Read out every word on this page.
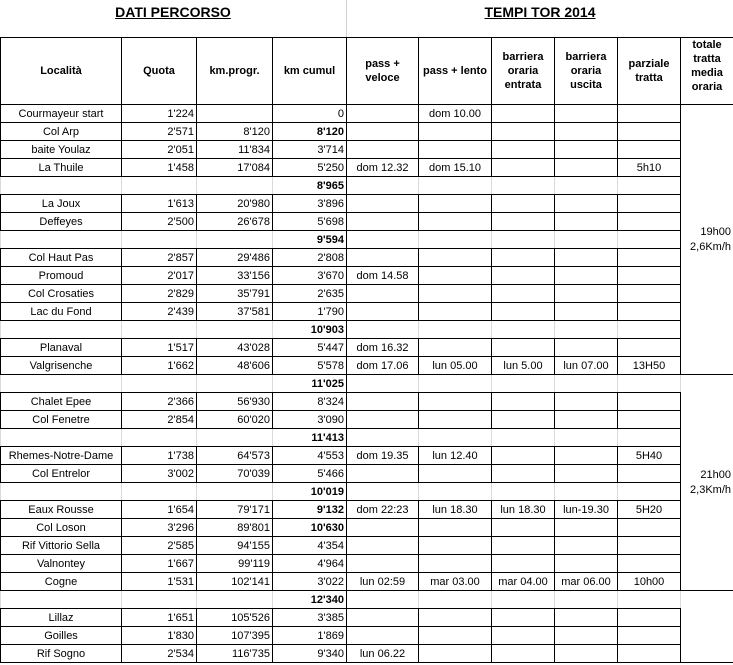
DATI PERCORSO	TEMPI TOR 2014
Località	Quota	km.progr.	km cumul	pass + veloce	pass + lento	barriera oraria entrata	barriera oraria uscita	parziale tratta	totale tratta media oraria
Courmayeur start	1'224		0		dom 10.00				19h00
2,6Km/h

Col Arp	2'571	8'120	8'120						
baite Youlaz	2'051	11'834	3'714						
La Thuile	1'458	17'084	5'250	dom 12.32	dom 15.10			5h10	
			8'965						
La Joux	1'613	20'980	3'896						
Deffeyes	2'500	26'678	5'698						
			9'594						
Col Haut Pas	2'857	29'486	2'808						
Promoud	2'017	33'156	3'670	dom 14.58					
Col Crosaties	2'829	35'791	2'635						
Lac du Fond	2'439	37'581	1'790						
			10'903						
Planaval	1'517	43'028	5'447	dom 16.32					
Valgrisenche	1'662	48'606	5'578	dom 17.06	lun 05.00	lun 5.00	lun 07.00	13H50	
			11'025						21h00
2,3Km/h

Chalet Epee	2'366	56'930	8'324						
Col Fenetre	2'854	60'020	3'090						
			11'413						
Rhemes-Notre-Dame	1'738	64'573	4'553	dom 19.35	lun 12.40			5H40	
Col Entrelor	3'002	70'039	5'466						
			10'019						
Eaux Rousse	1'654	79'171	9'132	dom 22:23	lun 18.30	lun 18.30	lun-19.30	5H20	
Col Loson	3'296	89'801	10'630						
Rif Vittorio Sella	2'585	94'155	4'354						
Valnontey	1'667	99'119	4'964						
Cogne	1'531	102'141	3'022	lun 02:59	mar 03.00	mar 04.00	mar 06.00	10h00	
			12'340						

Lillaz	1'651	105'526	3'385						
Goilles	1'830	107'395	1'869						
Rif Sogno	2'534	116'735	9'340	lun 06.22					
